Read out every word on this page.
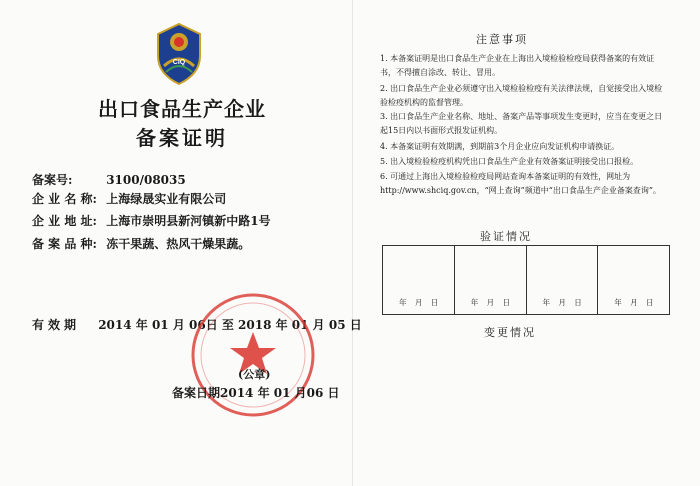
CIQ
出口食品生产企业
备案证明
备案号:	3100/08035
企 业 名 称: 上海绿晟实业有限公司
企 业 地 址: 上海市崇明县新河镇新中路1号
备 案 品 种: 冻干果蔬、热风干燥果蔬。
有效期 2014 年 01 月 06日 至 2018 年 01 月 05 日
(公章)
备案日期2014 年 01 月06 日
注意事项
1. 本备案证明是出口食品生产企业在上海出入境检验检疫局获得备案的有效证书，不得擅自涂改、转让、冒用。
2. 出口食品生产企业必须遵守出入境检验检疫有关法律法规，自觉接受出入境检验检疫机构的监督管理。
3. 出口食品生产企业名称、地址、备案产品等事项发生变更时，应当在变更之日起15日内以书面形式报发证机构。
4. 本备案证明有效期满，到期前3个月企业应向发证机构申请换证。
5. 出入境检验检疫机构凭出口食品生产企业有效备案证明接受出口报检。
6. 可通过上海出入境检验检疫局网站查询本备案证明的有效性，网址为 http://www.shciq.gov.cn，“网上查询”频道中“出口食品生产企业备案查询”。
验证情况
年 月 日	年 月 日	年 月 日	年 月 日
变更情况
